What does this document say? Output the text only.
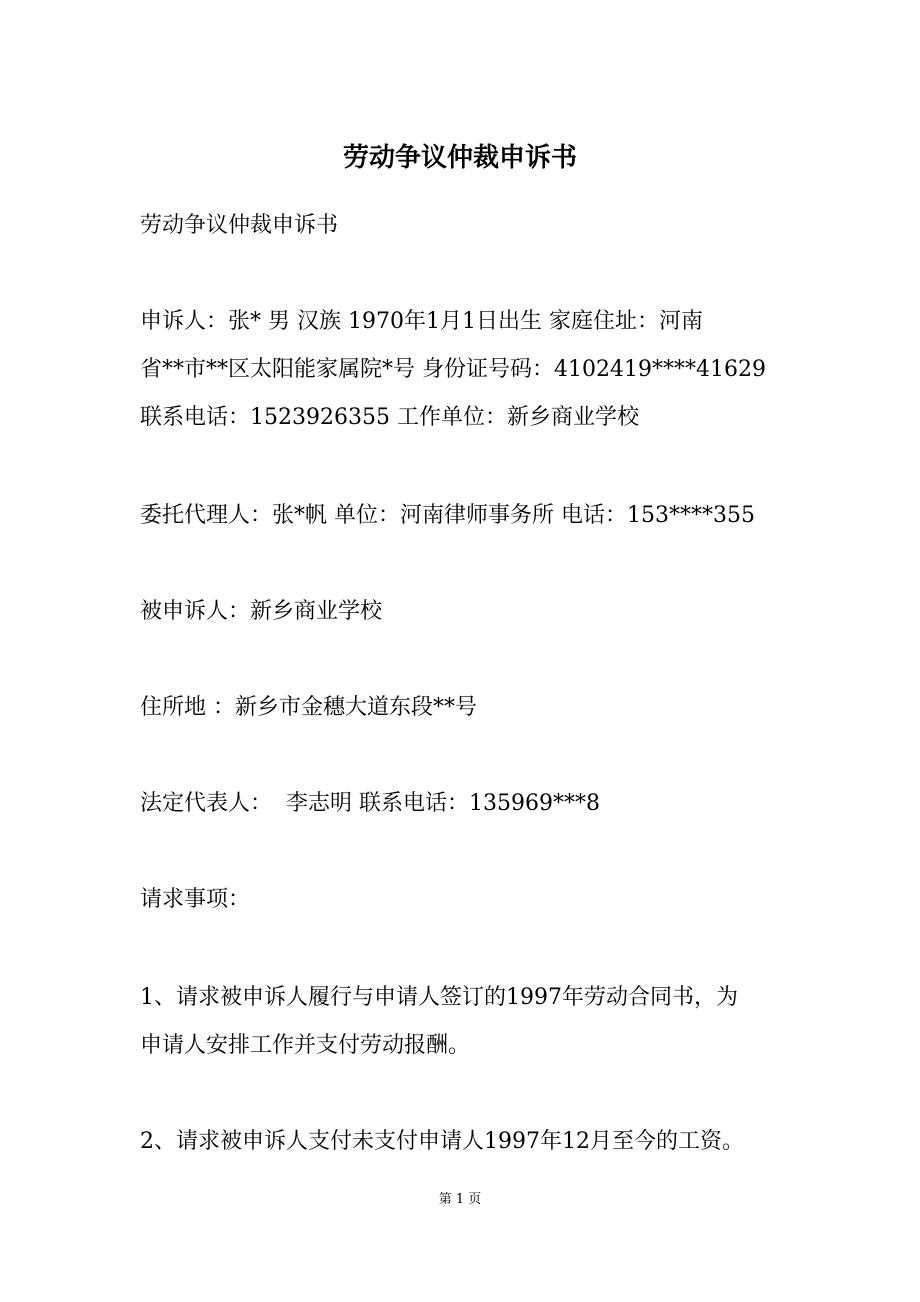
劳动争议仲裁申诉书
劳动争议仲裁申诉书
申诉人：张* 男 汉族 1970年1月1日出生 家庭住址：河南
省**市**区太阳能家属院*号 身份证号码：4102419****41629
联系电话：1523926355 工作单位：新乡商业学校
委托代理人：张*帆 单位：河南律师事务所 电话：153****355
被申诉人：新乡商业学校
住所地 ：新乡市金穗大道东段**号
法定代表人：  李志明 联系电话：135969***8
请求事项：
1、请求被申诉人履行与申请人签订的1997年劳动合同书，为
申请人安排工作并支付劳动报酬。
2、请求被申诉人支付未支付申请人1997年12月至今的工资。
第 1 页
